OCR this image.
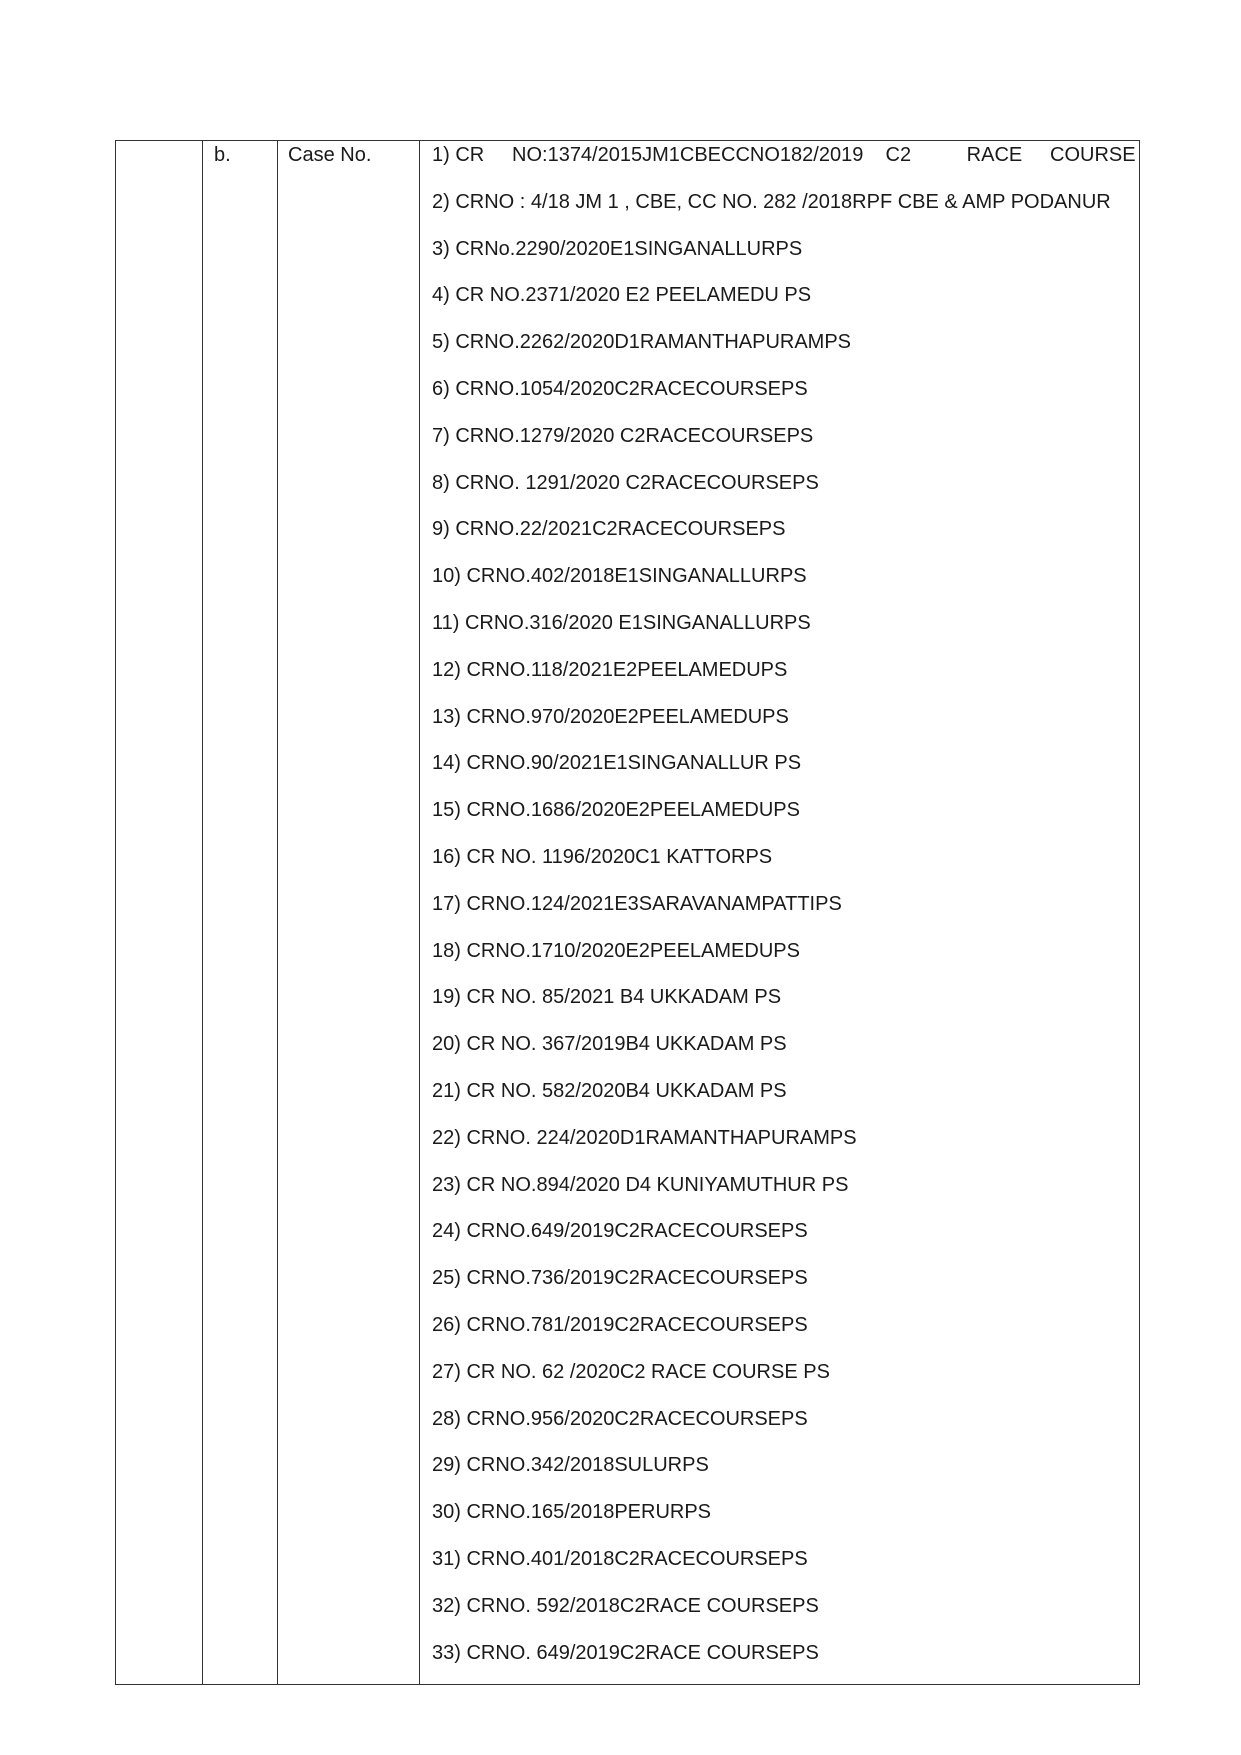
b.	Case No.	1) CR     NO:1374/2015JM1CBECCNO182/2019    C2          RACE     COURSE
2) CRNO : 4/18 JM 1 , CBE, CC NO. 282 /2018RPF CBE & AMP PODANUR
3) CRNo.2290/2020E1SINGANALLURPS
4) CR NO.2371/2020 E2 PEELAMEDU PS
5) CRNO.2262/2020D1RAMANTHAPURAMPS
6) CRNO.1054/2020C2RACECOURSEPS
7) CRNO.1279/2020 C2RACECOURSEPS
8) CRNO. 1291/2020 C2RACECOURSEPS
9) CRNO.22/2021C2RACECOURSEPS
10) CRNO.402/2018E1SINGANALLURPS
11) CRNO.316/2020 E1SINGANALLURPS
12) CRNO.118/2021E2PEELAMEDUPS
13) CRNO.970/2020E2PEELAMEDUPS
14) CRNO.90/2021E1SINGANALLUR PS
15) CRNO.1686/2020E2PEELAMEDUPS
16) CR NO. 1196/2020C1 KATTORPS
17) CRNO.124/2021E3SARAVANAMPATTIPS
18) CRNO.1710/2020E2PEELAMEDUPS
19) CR NO. 85/2021 B4 UKKADAM PS
20) CR NO. 367/2019B4 UKKADAM PS
21) CR NO. 582/2020B4 UKKADAM PS
22) CRNO. 224/2020D1RAMANTHAPURAMPS
23) CR NO.894/2020 D4 KUNIYAMUTHUR PS
24) CRNO.649/2019C2RACECOURSEPS
25) CRNO.736/2019C2RACECOURSEPS
26) CRNO.781/2019C2RACECOURSEPS
27) CR NO. 62 /2020C2 RACE COURSE PS
28) CRNO.956/2020C2RACECOURSEPS
29) CRNO.342/2018SULURPS
30) CRNO.165/2018PERURPS
31) CRNO.401/2018C2RACECOURSEPS
32) CRNO. 592/2018C2RACE COURSEPS
33) CRNO. 649/2019C2RACE COURSEPS
